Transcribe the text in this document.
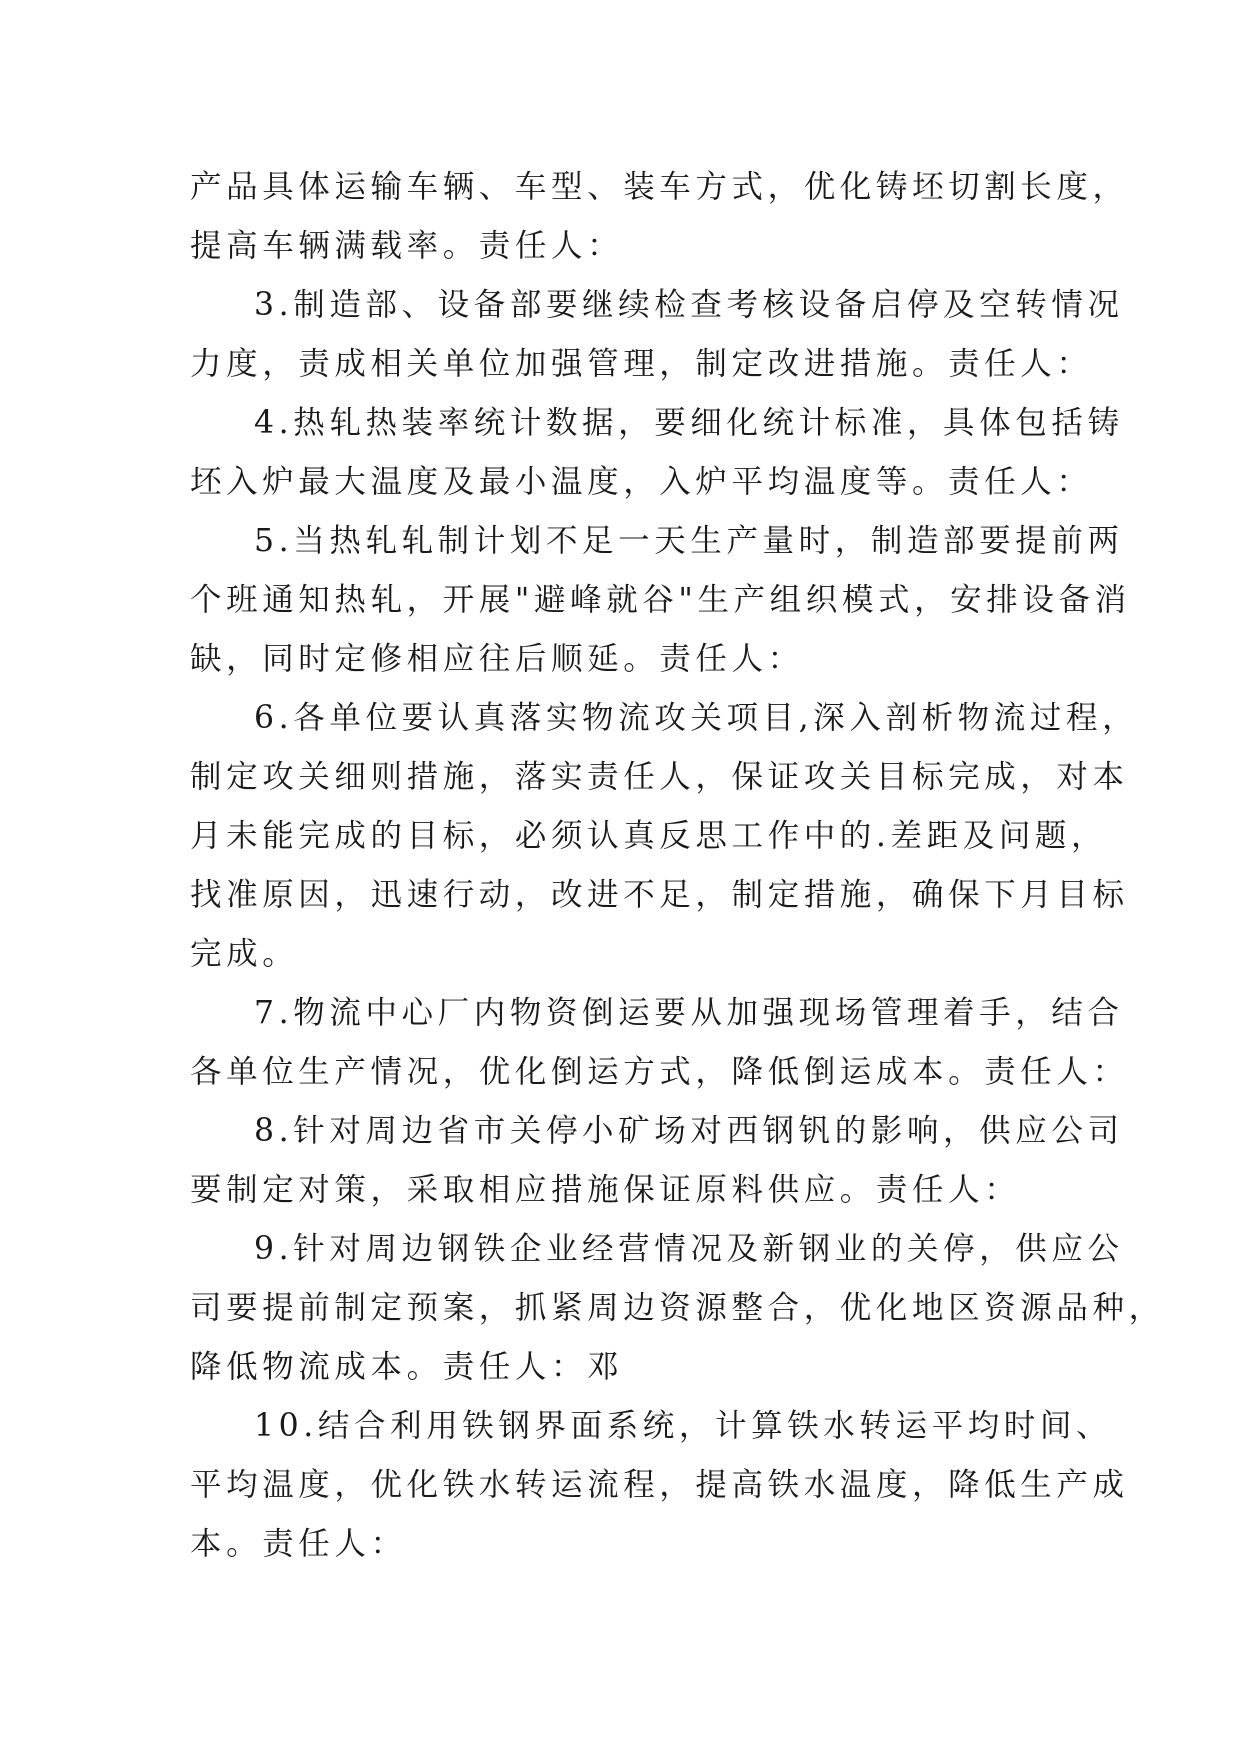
产品具体运输车辆、车型、装车方式，优化铸坯切割长度，
提高车辆满载率。责任人：
3.制造部、设备部要继续检查考核设备启停及空转情况
力度，责成相关单位加强管理，制定改进措施。责任人：
4.热轧热装率统计数据，要细化统计标准，具体包括铸
坯入炉最大温度及最小温度，入炉平均温度等。责任人：
5.当热轧轧制计划不足一天生产量时，制造部要提前两
个班通知热轧，开展"避峰就谷"生产组织模式，安排设备消
缺，同时定修相应往后顺延。责任人：
6.各单位要认真落实物流攻关项目,深入剖析物流过程，
制定攻关细则措施，落实责任人，保证攻关目标完成，对本
月未能完成的目标，必须认真反思工作中的.差距及问题，
找准原因，迅速行动，改进不足，制定措施，确保下月目标
完成。
7.物流中心厂内物资倒运要从加强现场管理着手，结合
各单位生产情况，优化倒运方式，降低倒运成本。责任人：
8.针对周边省市关停小矿场对西钢钒的影响，供应公司
要制定对策，采取相应措施保证原料供应。责任人：
9.针对周边钢铁企业经营情况及新钢业的关停，供应公
司要提前制定预案，抓紧周边资源整合，优化地区资源品种，
降低物流成本。责任人：邓
10.结合利用铁钢界面系统，计算铁水转运平均时间、
平均温度，优化铁水转运流程，提高铁水温度，降低生产成
本。责任人：
